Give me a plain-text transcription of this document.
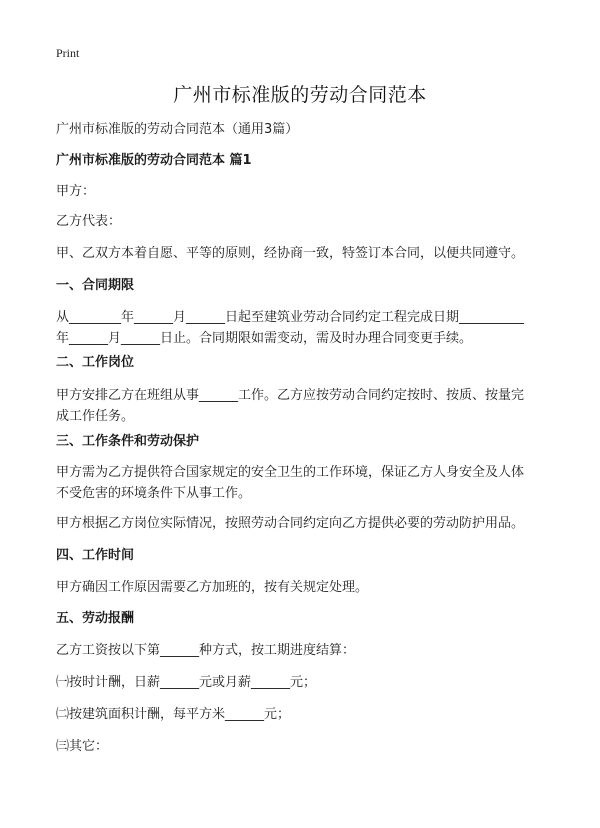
Print
广州市标准版的劳动合同范本
广州市标准版的劳动合同范本（通用3篇）
广州市标准版的劳动合同范本 篇1
甲方：
乙方代表：
甲、乙双方本着自愿、平等的原则，经协商一致，特签订本合同，以便共同遵守。
一、合同期限
从________年______月______日起至建筑业劳动合同约定工程完成日期__________
年______月______日止。合同期限如需变动，需及时办理合同变更手续。
二、工作岗位
甲方安排乙方在班组从事______工作。乙方应按劳动合同约定按时、按质、按量完
成工作任务。
三、工作条件和劳动保护
甲方需为乙方提供符合国家规定的安全卫生的工作环境，保证乙方人身安全及人体
不受危害的环境条件下从事工作。
甲方根据乙方岗位实际情况，按照劳动合同约定向乙方提供必要的劳动防护用品。
四、工作时间
甲方确因工作原因需要乙方加班的，按有关规定处理。
五、劳动报酬
乙方工资按以下第______种方式，按工期进度结算：
㈠按时计酬，日薪______元或月薪______元；
㈡按建筑面积计酬，每平方米______元；
㈢其它：
